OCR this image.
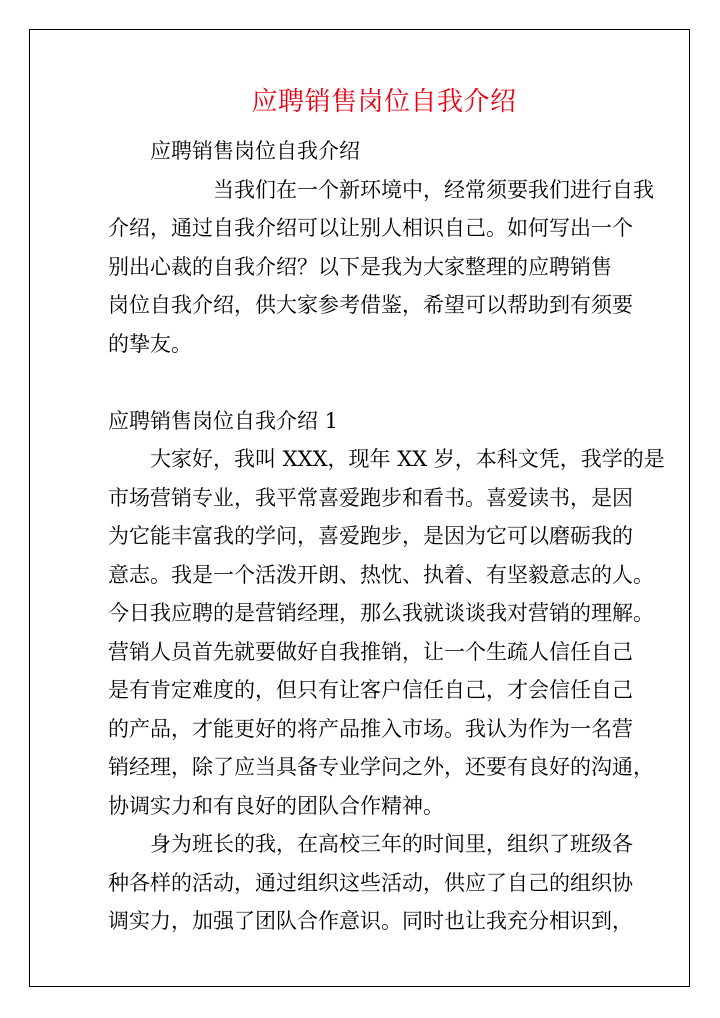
应聘销售岗位自我介绍
　　应聘销售岗位自我介绍
　　　　　当我们在一个新环境中，经常须要我们进行自我
介绍，通过自我介绍可以让别人相识自己。如何写出一个
别出心裁的自我介绍？以下是我为大家整理的应聘销售
岗位自我介绍，供大家参考借鉴，希望可以帮助到有须要
的挚友。
应聘销售岗位自我介绍 1
　　大家好，我叫 XXX，现年 XX 岁，本科文凭，我学的是
市场营销专业，我平常喜爱跑步和看书。喜爱读书，是因
为它能丰富我的学问，喜爱跑步，是因为它可以磨砺我的
意志。我是一个活泼开朗、热忱、执着、有坚毅意志的人。
今日我应聘的是营销经理，那么我就谈谈我对营销的理解。
营销人员首先就要做好自我推销，让一个生疏人信任自己
是有肯定难度的，但只有让客户信任自己，才会信任自己
的产品，才能更好的将产品推入市场。我认为作为一名营
销经理，除了应当具备专业学问之外，还要有良好的沟通，
协调实力和有良好的团队合作精神。
　　身为班长的我，在高校三年的时间里，组织了班级各
种各样的活动，通过组织这些活动，供应了自己的组织协
调实力，加强了团队合作意识。同时也让我充分相识到，
